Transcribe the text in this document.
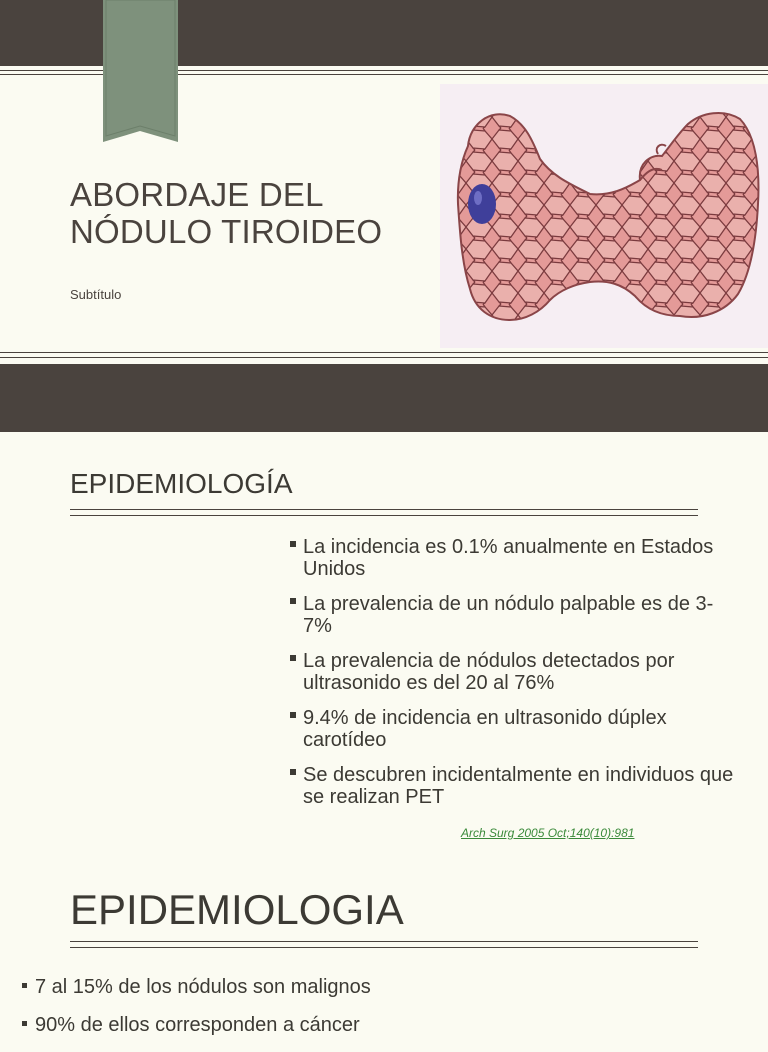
ABORDAJE DEL
NÓDULO TIROIDEO
Subtítulo
EPIDEMIOLOGÍA
La incidencia es 0.1% anualmente en Estados Unidos
La prevalencia de un nódulo palpable es de 3-7%
La prevalencia de nódulos detectados por ultrasonido es del 20 al 76%
9.4% de incidencia en ultrasonido dúplex carotídeo
Se descubren incidentalmente en individuos que se realizan PET
Arch Surg 2005 Oct;140(10):981
EPIDEMIOLOGIA
7 al 15% de los nódulos son malignos
90% de ellos corresponden a cáncer
